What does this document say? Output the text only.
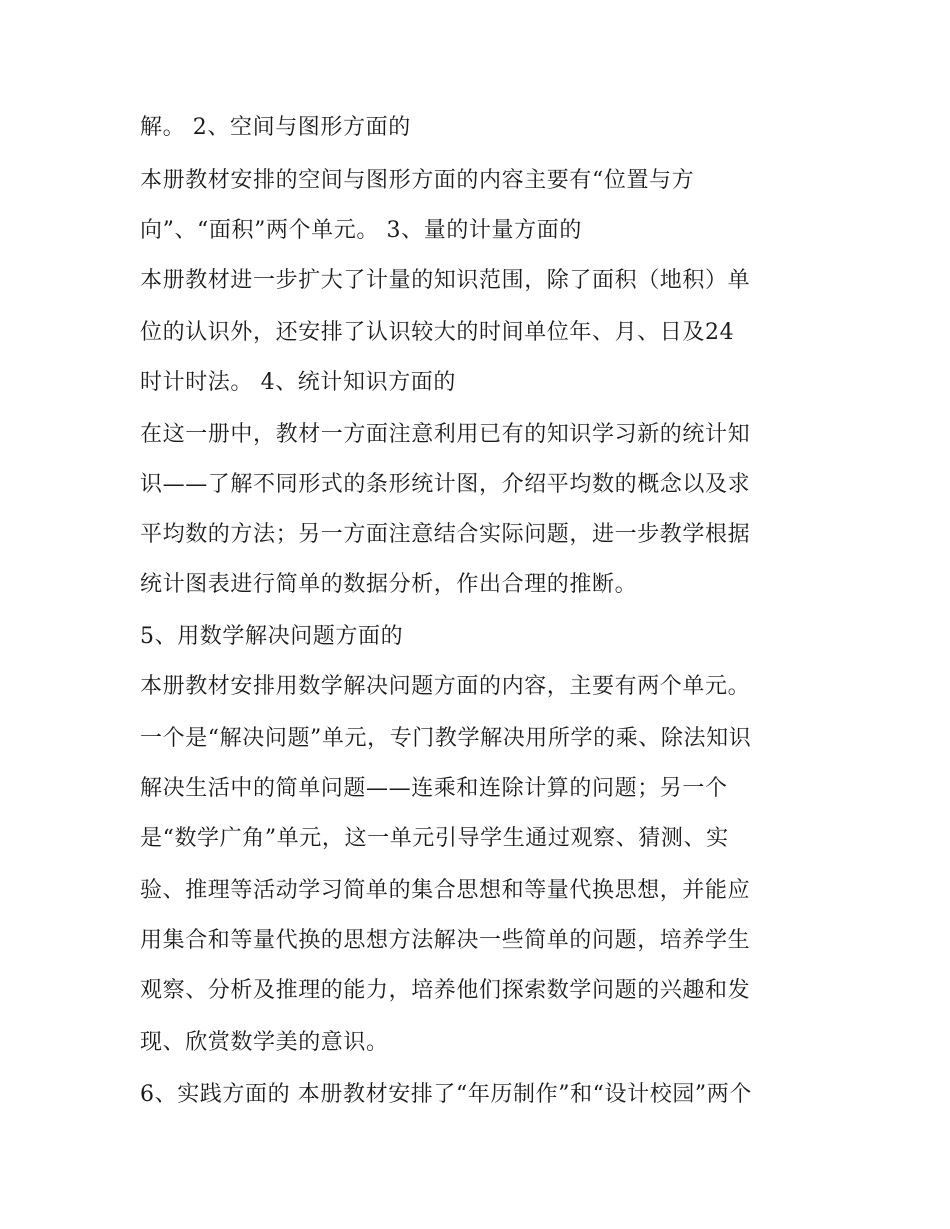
解。 2、空间与图形方面的
本册教材安排的空间与图形方面的内容主要有“位置与方
向”、“面积”两个单元。 3、量的计量方面的
本册教材进一步扩大了计量的知识范围，除了面积（地积）单
位的认识外，还安排了认识较大的时间单位年、月、日及24
时计时法。 4、统计知识方面的
在这一册中，教材一方面注意利用已有的知识学习新的统计知
识——了解不同形式的条形统计图，介绍平均数的概念以及求
平均数的方法；另一方面注意结合实际问题，进一步教学根据
统计图表进行简单的数据分析，作出合理的推断。
5、用数学解决问题方面的
本册教材安排用数学解决问题方面的内容，主要有两个单元。
一个是“解决问题”单元，专门教学解决用所学的乘、除法知识
解决生活中的简单问题——连乘和连除计算的问题；另一个
是“数学广角”单元，这一单元引导学生通过观察、猜测、实
验、推理等活动学习简单的集合思想和等量代换思想，并能应
用集合和等量代换的思想方法解决一些简单的问题，培养学生
观察、分析及推理的能力，培养他们探索数学问题的兴趣和发
现、欣赏数学美的意识。
6、实践方面的 本册教材安排了“年历制作”和“设计校园”两个
